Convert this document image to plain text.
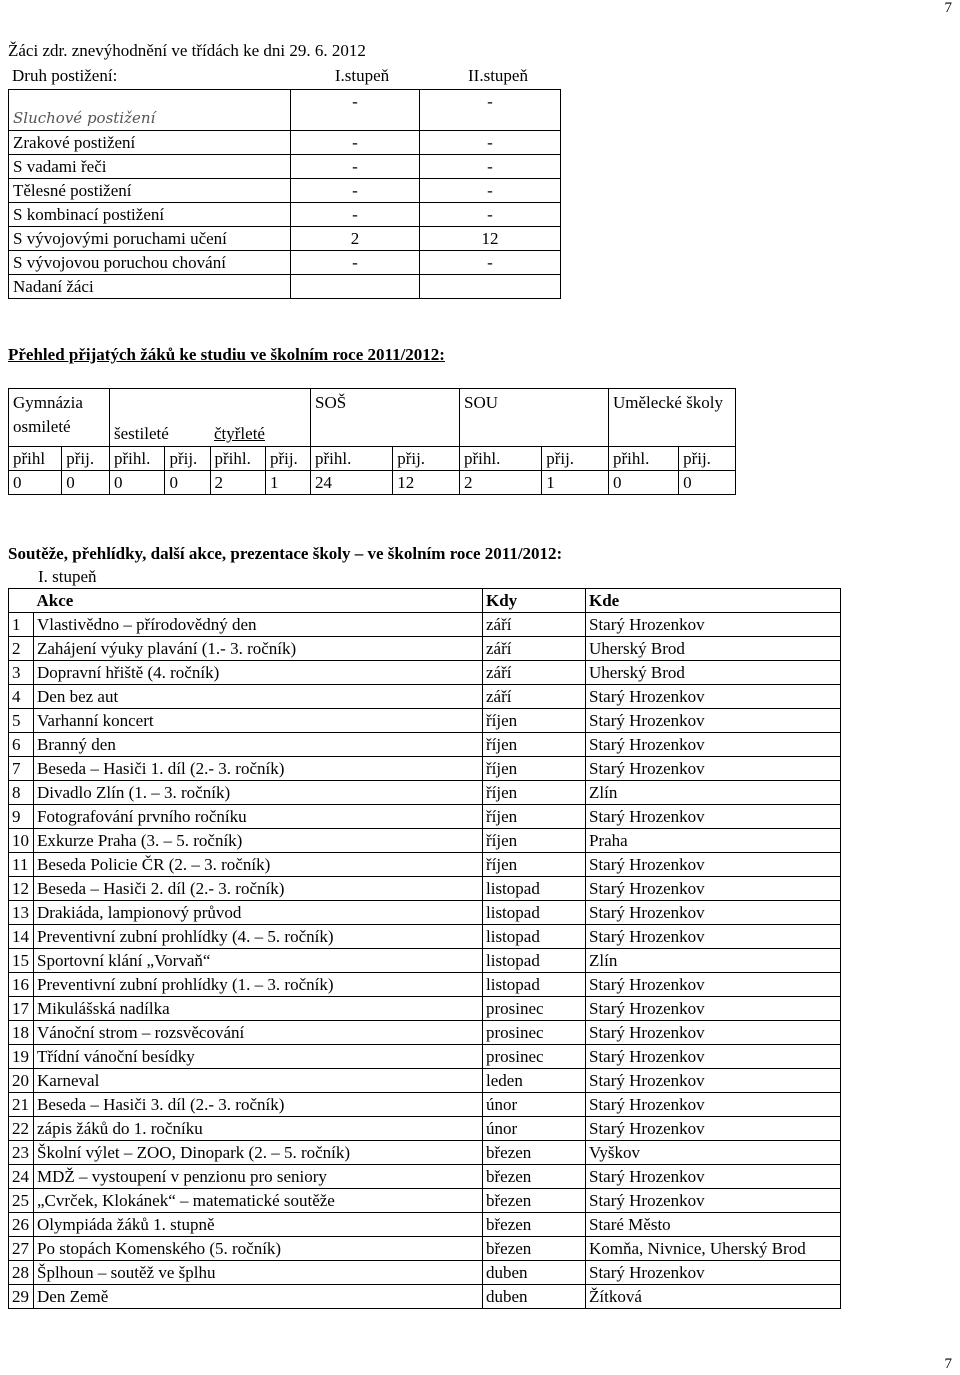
7
Žáci zdr. znevýhodnění ve třídách ke dni 29. 6. 2012
Druh postižení:	I.stupeň	II.stupeň
Sluchové postižení	-	-
Zrakové postižení	-	-
S vadami řeči	-	-
Tělesné postižení	-	-
S kombinací postižení	-	-
S vývojovými poruchami učení	2	12
S vývojovou poruchou chování	-	-
Nadaní žáci		
Přehled přijatých žáků ke studiu ve školním roce 2011/2012:
Gymnázia
osmileté		šestileté		čtyřleté		SOŠ		SOU		Umělecké školy	
přihl	přij.	přihl.	přij.	přihl.	přij.	přihl.	přij.	přihl.	přij.	přihl.	přij.
0	0	0	0	2	1	24	12	2	1	0	0
Soutěže, přehlídky, další akce, prezentace školy – ve školním roce 2011/2012:
I. stupeň
	Akce	Kdy	Kde
1	Vlastivědno – přírodovědný den	září	Starý Hrozenkov
2	Zahájení výuky plavání (1.- 3. ročník)	září	Uherský Brod
3	Dopravní hřiště (4. ročník)	září	Uherský Brod
4	Den bez aut	září	Starý Hrozenkov
5	Varhanní koncert	říjen	Starý Hrozenkov
6	Branný den	říjen	Starý Hrozenkov
7	Beseda – Hasiči 1. díl (2.- 3. ročník)	říjen	Starý Hrozenkov
8	Divadlo Zlín (1. – 3. ročník)	říjen	Zlín
9	Fotografování prvního ročníku	říjen	Starý Hrozenkov
10	Exkurze Praha (3. – 5. ročník)	říjen	Praha
11	Beseda Policie ČR (2. – 3. ročník)	říjen	Starý Hrozenkov
12	Beseda – Hasiči 2. díl (2.- 3. ročník)	listopad	Starý Hrozenkov
13	Drakiáda, lampionový průvod	listopad	Starý Hrozenkov
14	Preventivní zubní prohlídky (4. – 5. ročník)	listopad	Starý Hrozenkov
15	Sportovní klání „Vorvaň“	listopad	Zlín
16	Preventivní zubní prohlídky (1. – 3. ročník)	listopad	Starý Hrozenkov
17	Mikulášská nadílka	prosinec	Starý Hrozenkov
18	Vánoční strom – rozsvěcování	prosinec	Starý Hrozenkov
19	Třídní vánoční besídky	prosinec	Starý Hrozenkov
20	Karneval	leden	Starý Hrozenkov
21	Beseda – Hasiči 3. díl (2.- 3. ročník)	únor	Starý Hrozenkov
22	zápis žáků do 1. ročníku	únor	Starý Hrozenkov
23	Školní výlet – ZOO, Dinopark (2. – 5. ročník)	březen	Vyškov
24	MDŽ – vystoupení v penzionu pro seniory	březen	Starý Hrozenkov
25	„Cvrček, Klokánek“ – matematické soutěže	březen	Starý Hrozenkov
26	Olympiáda žáků 1. stupně	březen	Staré Město
27	Po stopách Komenského (5. ročník)	březen	Komňa, Nivnice, Uherský Brod
28	Šplhoun – soutěž ve šplhu	duben	Starý Hrozenkov
29	Den Země	duben	Žítková
7
